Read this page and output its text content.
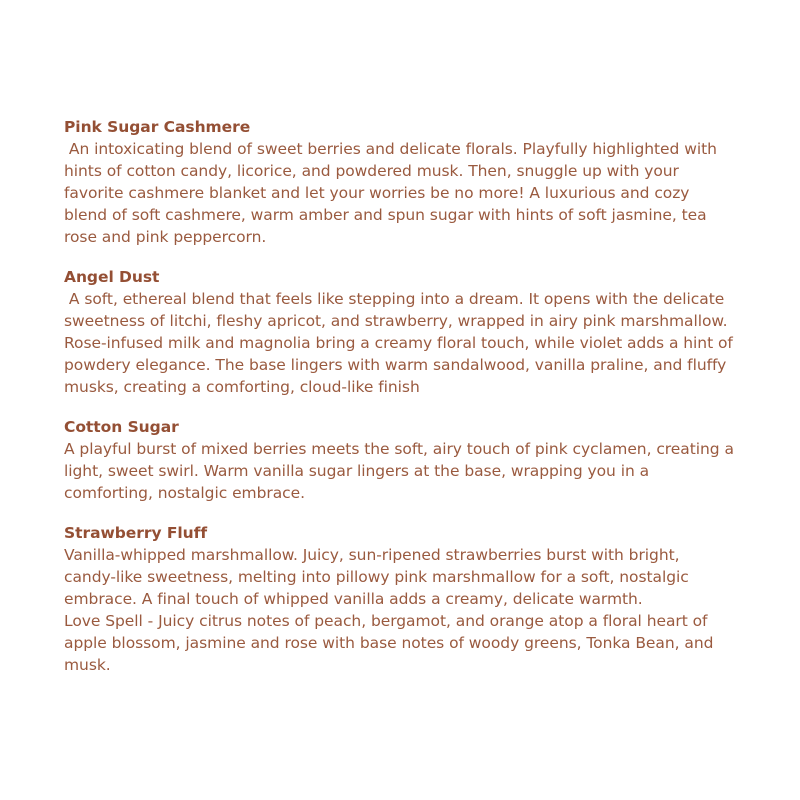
Pink Sugar Cashmere
An intoxicating blend of sweet berries and delicate florals. Playfully highlighted with hints of cotton candy, licorice, and powdered musk. Then, snuggle up with your favorite cashmere blanket and let your worries be no more! A luxurious and cozy blend of soft cashmere, warm amber and spun sugar with hints of soft jasmine, tea rose and pink peppercorn.
Angel Dust
A soft, ethereal blend that feels like stepping into a dream. It opens with the delicate sweetness of litchi, fleshy apricot, and strawberry, wrapped in airy pink marshmallow. Rose-infused milk and magnolia bring a creamy floral touch, while violet adds a hint of powdery elegance. The base lingers with warm sandalwood, vanilla praline, and fluffy musks, creating a comforting, cloud-like finish
Cotton Sugar
A playful burst of mixed berries meets the soft, airy touch of pink cyclamen, creating a light, sweet swirl. Warm vanilla sugar lingers at the base, wrapping you in a comforting, nostalgic embrace.
Strawberry Fluff
Vanilla-whipped marshmallow. Juicy, sun-ripened strawberries burst with bright, candy-like sweetness, melting into pillowy pink marshmallow for a soft, nostalgic embrace. A final touch of whipped vanilla adds a creamy, delicate warmth.
Love Spell - Juicy citrus notes of peach, bergamot, and orange atop a floral heart of apple blossom, jasmine and rose with base notes of woody greens, Tonka Bean, and musk.
